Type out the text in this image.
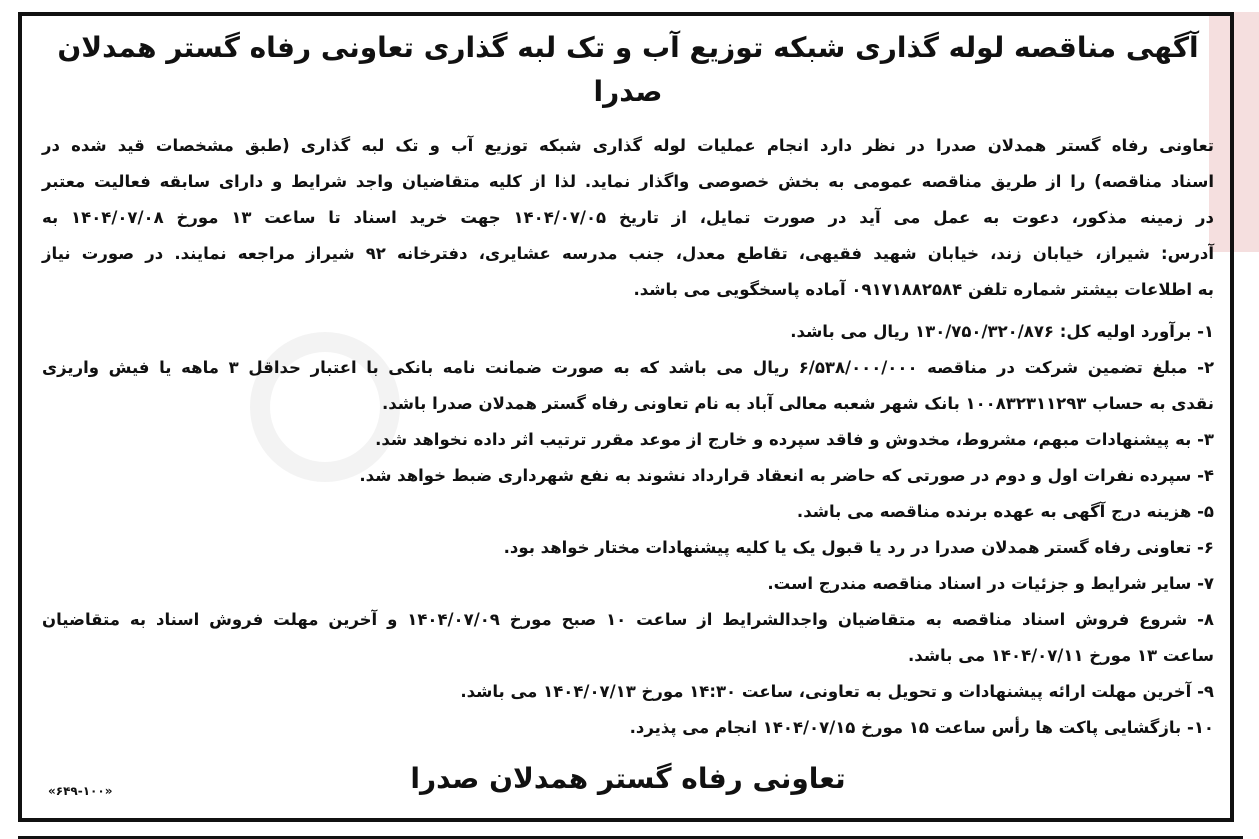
آگهی مناقصه لوله گذاری شبکه توزیع آب و تک لبه گذاری تعاونی رفاه گستر همدلان صدرا
تعاونی رفاه گستر همدلان صدرا در نظر دارد انجام عملیات لوله گذاری شبکه توزیع آب و تک لبه گذاری (طبق مشخصات قید شده در
اسناد مناقصه) را از طریق مناقصه عمومی به بخش خصوصی واگذار نماید. لذا از کلیه متقاضیان واجد شرایط و دارای سابقه فعالیت معتبر
در زمینه مذکور، دعوت به عمل می آید در صورت تمایل، از تاریخ ۱۴۰۴/۰۷/۰۵ جهت خرید اسناد تا ساعت ۱۳ مورخ ۱۴۰۴/۰۷/۰۸ به
آدرس: شیراز، خیابان زند، خیابان شهید فقیهی، تقاطع معدل، جنب مدرسه عشایری، دفترخانه ۹۲ شیراز مراجعه نمایند. در صورت نیاز
به اطلاعات بیشتر شماره تلفن ۰۹۱۷۱۸۸۲۵۸۴ آماده پاسخگویی می باشد.
۱- برآورد اولیه کل: ۱۳۰/۷۵۰/۳۲۰/۸۷۶ ریال می باشد.
۲- مبلغ تضمین شرکت در مناقصه ۶/۵۳۸/۰۰۰/۰۰۰ ریال می باشد که به صورت ضمانت نامه بانکی با اعتبار حداقل ۳ ماهه یا فیش واریزی
نقدی به حساب ۱۰۰۸۳۲۳۱۱۲۹۳ بانک شهر شعبه معالی آباد به نام تعاونی رفاه گستر همدلان صدرا باشد.
۳- به پیشنهادات مبهم، مشروط، مخدوش و فاقد سپرده و خارج از موعد مقرر ترتیب اثر داده نخواهد شد.
۴- سپرده نفرات اول و دوم در صورتی که حاضر به انعقاد قرارداد نشوند به نفع شهرداری ضبط خواهد شد.
۵- هزینه درج آگهی به عهده برنده مناقصه می باشد.
۶- تعاونی رفاه گستر همدلان صدرا در رد یا قبول یک یا کلیه پیشنهادات مختار خواهد بود.
۷- سایر شرایط و جزئیات در اسناد مناقصه مندرج است.
۸- شروع فروش اسناد مناقصه به متقاضیان واجدالشرایط از ساعت ۱۰ صبح مورخ ۱۴۰۴/۰۷/۰۹ و آخرین مهلت فروش اسناد به متقاضیان
ساعت ۱۳ مورخ ۱۴۰۴/۰۷/۱۱ می باشد.
۹- آخرین مهلت ارائه پیشنهادات و تحویل به تعاونی، ساعت ۱۴:۳۰ مورخ ۱۴۰۴/۰۷/۱۳ می باشد.
۱۰- بازگشایی پاکت ها رأس ساعت ۱۵ مورخ ۱۴۰۴/۰۷/۱۵ انجام می پذیرد.
تعاونی رفاه گستر همدلان صدرا
«۶۴۹-۱۰۰»
